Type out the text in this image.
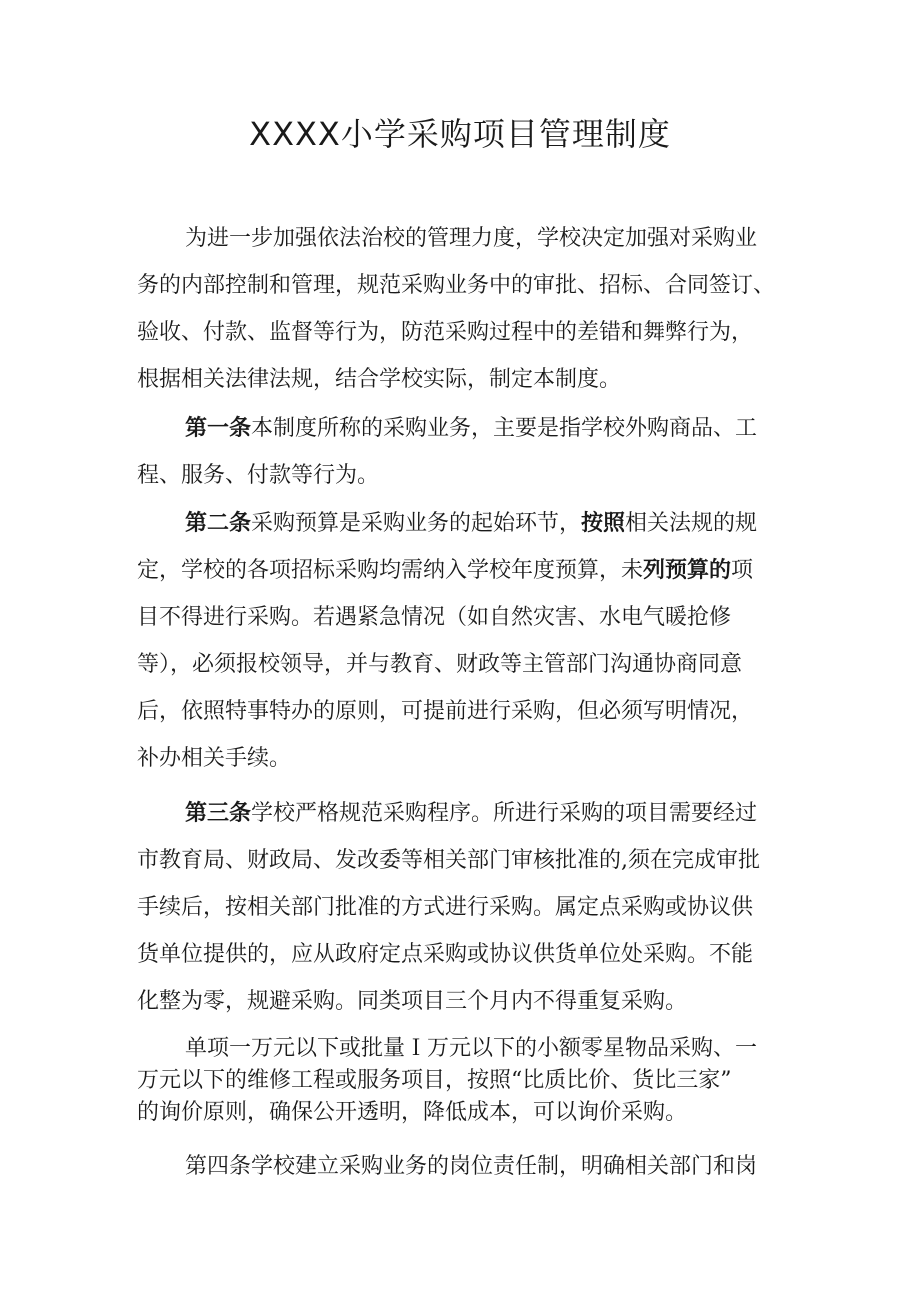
XXXX小学采购项目管理制度
为进一步加强依法治校的管理力度，学校决定加强对采购业
务的内部控制和管理，规范采购业务中的审批、招标、合同签订、
验收、付款、监督等行为，防范采购过程中的差错和舞弊行为，
根据相关法律法规，结合学校实际，制定本制度。
第一条本制度所称的采购业务，主要是指学校外购商品、工
程、服务、付款等行为。
第二条采购预算是采购业务的起始环节，按照相关法规的规
定，学校的各项招标采购均需纳入学校年度预算，未列预算的项
目不得进行采购。若遇紧急情况（如自然灾害、水电气暖抢修
等），必须报校领导，并与教育、财政等主管部门沟通协商同意
后，依照特事特办的原则，可提前进行采购，但必须写明情况，
补办相关手续。
第三条学校严格规范采购程序。所进行采购的项目需要经过
市教育局、财政局、发改委等相关部门审核批准的,须在完成审批
手续后，按相关部门批准的方式进行采购。属定点采购或协议供
货单位提供的，应从政府定点采购或协议供货单位处采购。不能
化整为零，规避采购。同类项目三个月内不得重复采购。
单项一万元以下或批量Ｉ万元以下的小额零星物品采购、一
万元以下的维修工程或服务项目，按照“比质比价、货比三家”
的询价原则，确保公开透明，降低成本，可以询价采购。
第四条学校建立采购业务的岗位责任制，明确相关部门和岗
